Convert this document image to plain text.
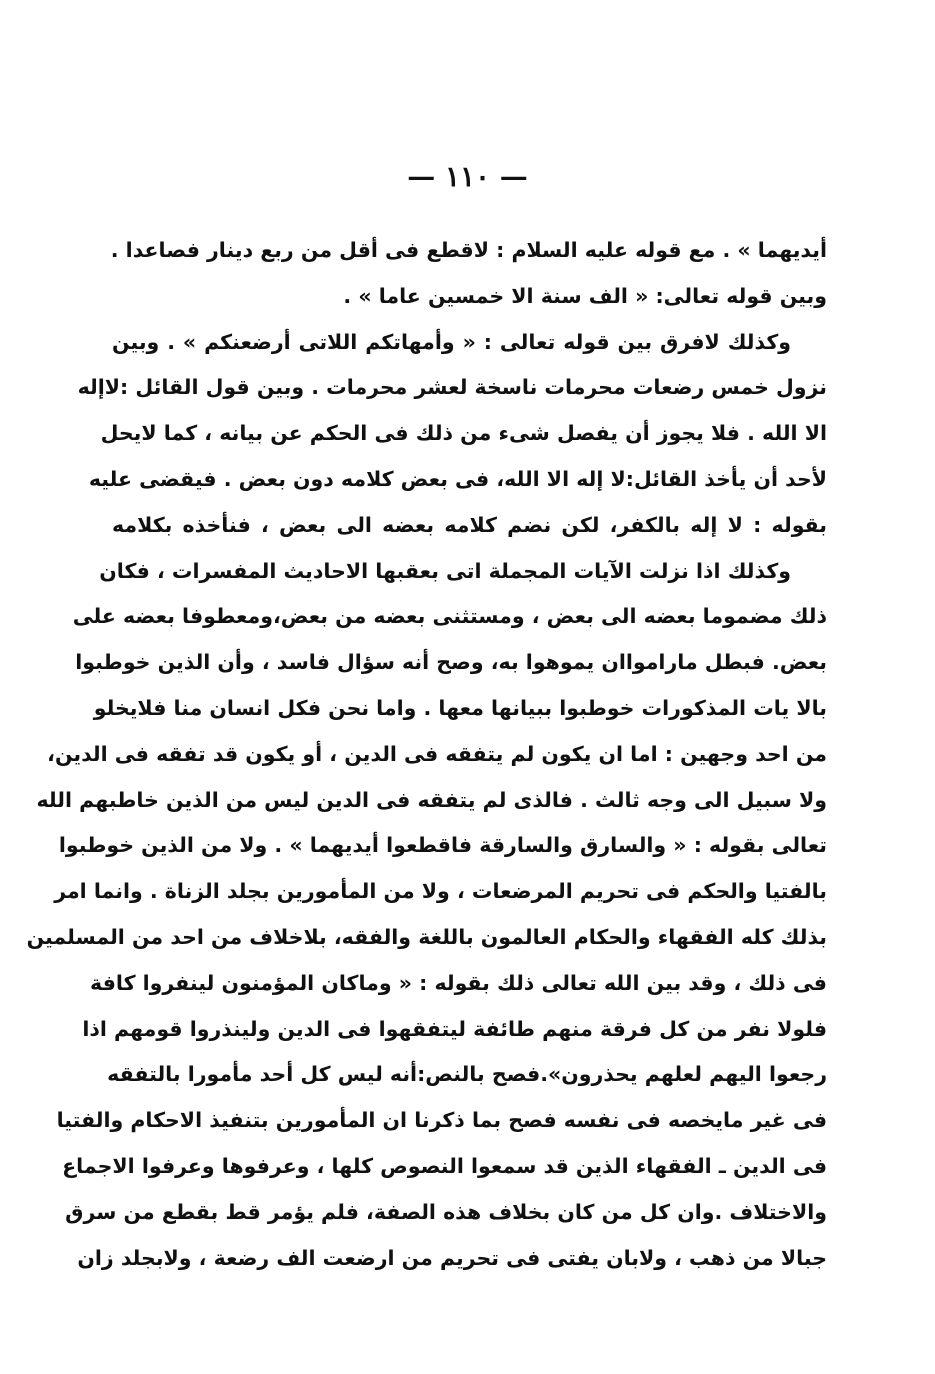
— ١١٠ —
أيديهما » . مع قوله عليه السلام : لاقطع فى أقل من ربع دينار فصاعدا .
وبين قوله تعالى: « الف سنة الا خمسين عاما » .
وكذلك لافرق بين قوله تعالى : « وأمهاتكم اللاتى أرضعنكم » . وبين
نزول خمس رضعات محرمات ناسخة لعشر محرمات . وبين قول القائل :لاإله
الا الله . فلا يجوز أن يفصل شىء من ذلك فى الحكم عن بيانه ، كما لايحل
لأحد أن يأخذ القائل:لا إله الا الله، فى بعض كلامه دون بعض . فيقضى عليه
بقوله : لا إله بالكفر، لكن نضم كلامه بعضه الى بعض ، فنأخذه بكلامه
وكذلك اذا نزلت الآيات المجملة اتى بعقبها الاحاديث المفسرات ، فكان
ذلك مضموما بعضه الى بعض ، ومستثنى بعضه من بعض،ومعطوفا بعضه على
بعض. فبطل مارامواان يموهوا به، وصح أنه سؤال فاسد ، وأن الذين خوطبوا
بالا يات المذكورات خوطبوا ببيانها معها . واما نحن فكل انسان منا فلايخلو
من احد وجهين : اما ان يكون لم يتفقه فى الدين ، أو يكون قد تفقه فى الدين،
ولا سبيل الى وجه ثالث . فالذى لم يتفقه فى الدين ليس من الذين خاطبهم الله
تعالى بقوله : « والسارق والسارقة فاقطعوا أيديهما » . ولا من الذين خوطبوا
بالفتيا والحكم فى تحريم المرضعات ، ولا من المأمورين بجلد الزناة . وانما امر
بذلك كله الفقهاء والحكام العالمون باللغة والفقه، بلاخلاف من احد من المسلمين
فى ذلك ، وقد بين الله تعالى ذلك بقوله : « وماكان المؤمنون لينفروا كافة
فلولا نفر من كل فرقة منهم طائفة ليتفقهوا فى الدين ولينذروا قومهم اذا
رجعوا اليهم لعلهم يحذرون».فصح بالنص:أنه ليس كل أحد مأمورا بالتفقه
فى غير مايخصه فى نفسه فصح بما ذكرنا ان المأمورين بتنفيذ الاحكام والفتيا
فى الدين ـ الفقهاء الذين قد سمعوا النصوص كلها ، وعرفوها وعرفوا الاجماع
والاختلاف .وان كل من كان بخلاف هذه الصفة، فلم يؤمر قط بقطع من سرق
جبالا من ذهب ، ولابان يفتى فى تحريم من ارضعت الف رضعة ، ولابجلد زان
